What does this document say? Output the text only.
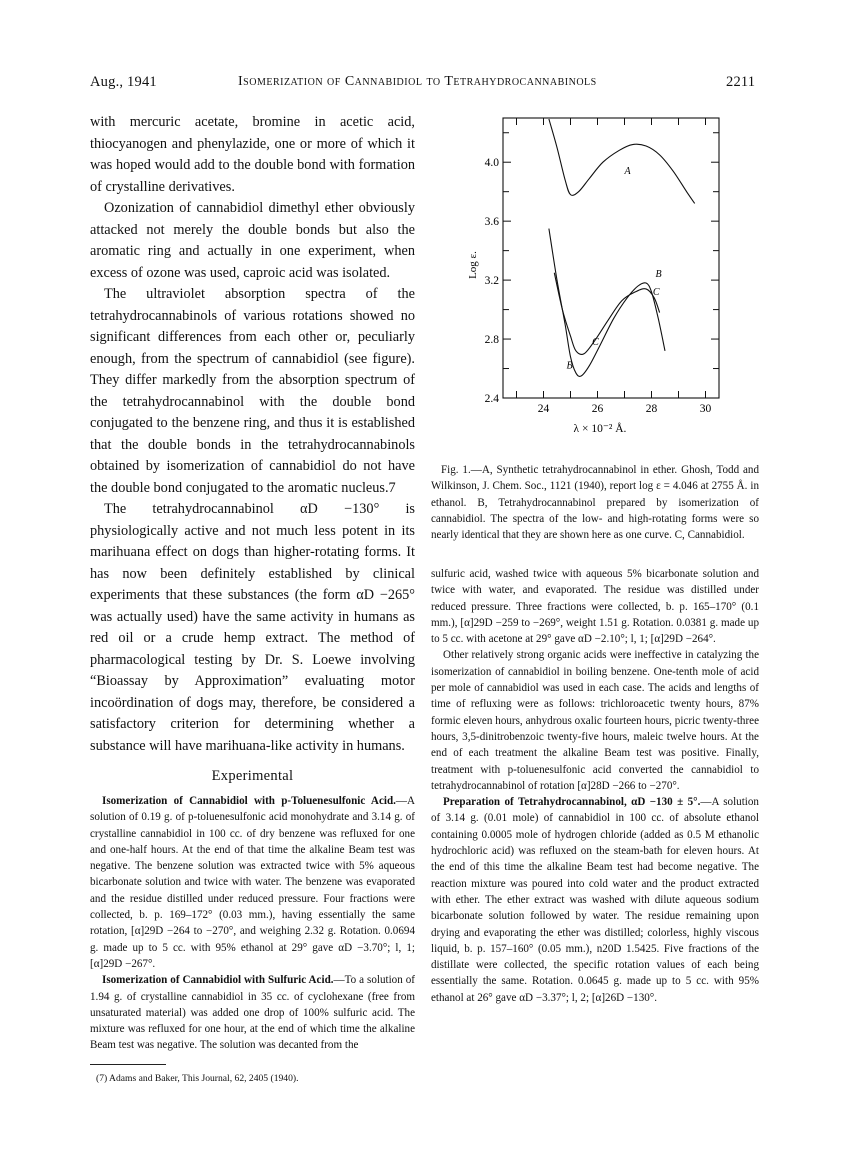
Aug., 1941	Isomerization of Cannabidiol to Tetrahydrocannabinols	2211

with mercuric acetate, bromine in acetic acid, thiocyanogen and phenylazide, one or more of which it was hoped would add to the double bond with formation of crystalline derivatives.

Ozonization of cannabidiol dimethyl ether obviously attacked not merely the double bonds but also the aromatic ring and actually in one experiment, when excess of ozone was used, caproic acid was isolated.

The ultraviolet absorption spectra of the tetrahydrocannabinols of various rotations showed no significant differences from each other or, peculiarly enough, from the spectrum of cannabidiol (see figure). They differ markedly from the absorption spectrum of the tetrahydrocannabinol with the double bond conjugated to the benzene ring, and thus it is established that the double bonds in the tetrahydrocannabinols obtained by isomerization of cannabidiol do not have the double bond conjugated to the aromatic nucleus.7

The tetrahydrocannabinol αD −130° is physiologically active and not much less potent in its marihuana effect on dogs than higher-rotating forms. It has now been definitely established by clinical experiments that these substances (the form αD −265° was actually used) have the same activity in humans as red oil or a crude hemp extract. The method of pharmacological testing by Dr. S. Loewe involving “Bioassay by Approximation” evaluating motor incoördination of dogs may, therefore, be considered a satisfactory criterion for determining whether a substance will have marihuana-like activity in humans.

Experimental

Isomerization of Cannabidiol with p-Toluenesulfonic Acid.—A solution of 0.19 g. of p-toluenesulfonic acid monohydrate and 3.14 g. of crystalline cannabidiol in 100 cc. of dry benzene was refluxed for one and one-half hours. At the end of that time the alkaline Beam test was negative. The benzene solution was extracted twice with 5% aqueous bicarbonate solution and twice with water. The benzene was evaporated and the residue distilled under reduced pressure. Four fractions were collected, b. p. 169–172° (0.03 mm.), having essentially the same rotation, [α]29D −264 to −270°, and weighing 2.32 g. Rotation. 0.0694 g. made up to 5 cc. with 95% ethanol at 29° gave αD −3.70°; l, 1; [α]29D −267°.

Isomerization of Cannabidiol with Sulfuric Acid.—To a solution of 1.94 g. of crystalline cannabidiol in 35 cc. of cyclohexane (free from unsaturated material) was added one drop of 100% sulfuric acid. The mixture was refluxed for one hour, at the end of which time the alkaline Beam test was negative. The solution was decanted from the

(7) Adams and Baker, This Journal, 62, 2405 (1940).

24	26	28	30
2.4
2.8
3.2
3.6
4.0
A
B
C
C
B
Log ε.
λ × 10⁻² Å.

Fig. 1.—A, Synthetic tetrahydrocannabinol in ether. Ghosh, Todd and Wilkinson, J. Chem. Soc., 1121 (1940), report log ε = 4.046 at 2755 Å. in ethanol. B, Tetrahydrocannabinol prepared by isomerization of cannabidiol. The spectra of the low- and high-rotating forms were so nearly identical that they are shown here as one curve. C, Cannabidiol.

sulfuric acid, washed twice with aqueous 5% bicarbonate solution and twice with water, and evaporated. The residue was distilled under reduced pressure. Three fractions were collected, b. p. 165–170° (0.1 mm.), [α]29D −259 to −269°, weight 1.51 g. Rotation. 0.0381 g. made up to 5 cc. with acetone at 29° gave αD −2.10°; l, 1; [α]29D −264°.

Other relatively strong organic acids were ineffective in catalyzing the isomerization of cannabidiol in boiling benzene. One-tenth mole of acid per mole of cannabidiol was used in each case. The acids and lengths of time of refluxing were as follows: trichloroacetic twenty hours, 87% formic eleven hours, anhydrous oxalic fourteen hours, picric twenty-three hours, 3,5-dinitrobenzoic twenty-five hours, maleic twelve hours. At the end of each treatment the alkaline Beam test was positive. Finally, treatment with p-toluenesulfonic acid converted the cannabidiol to tetrahydrocannabinol of rotation [α]28D −266 to −270°.

Preparation of Tetrahydrocannabinol, αD −130 ± 5°.—A solution of 3.14 g. (0.01 mole) of cannabidiol in 100 cc. of absolute ethanol containing 0.0005 mole of hydrogen chloride (added as 0.5 M ethanolic hydrochloric acid) was refluxed on the steam-bath for eleven hours. At the end of this time the alkaline Beam test had become negative. The reaction mixture was poured into cold water and the product extracted with ether. The ether extract was washed with dilute aqueous sodium bicarbonate solution followed by water. The residue remaining upon drying and evaporating the ether was distilled; colorless, highly viscous liquid, b. p. 157–160° (0.05 mm.), n20D 1.5425. Five fractions of the distillate were collected, the specific rotation values of each being essentially the same. Rotation. 0.0645 g. made up to 5 cc. with 95% ethanol at 26° gave αD −3.37°; l, 2; [α]26D −130°.
